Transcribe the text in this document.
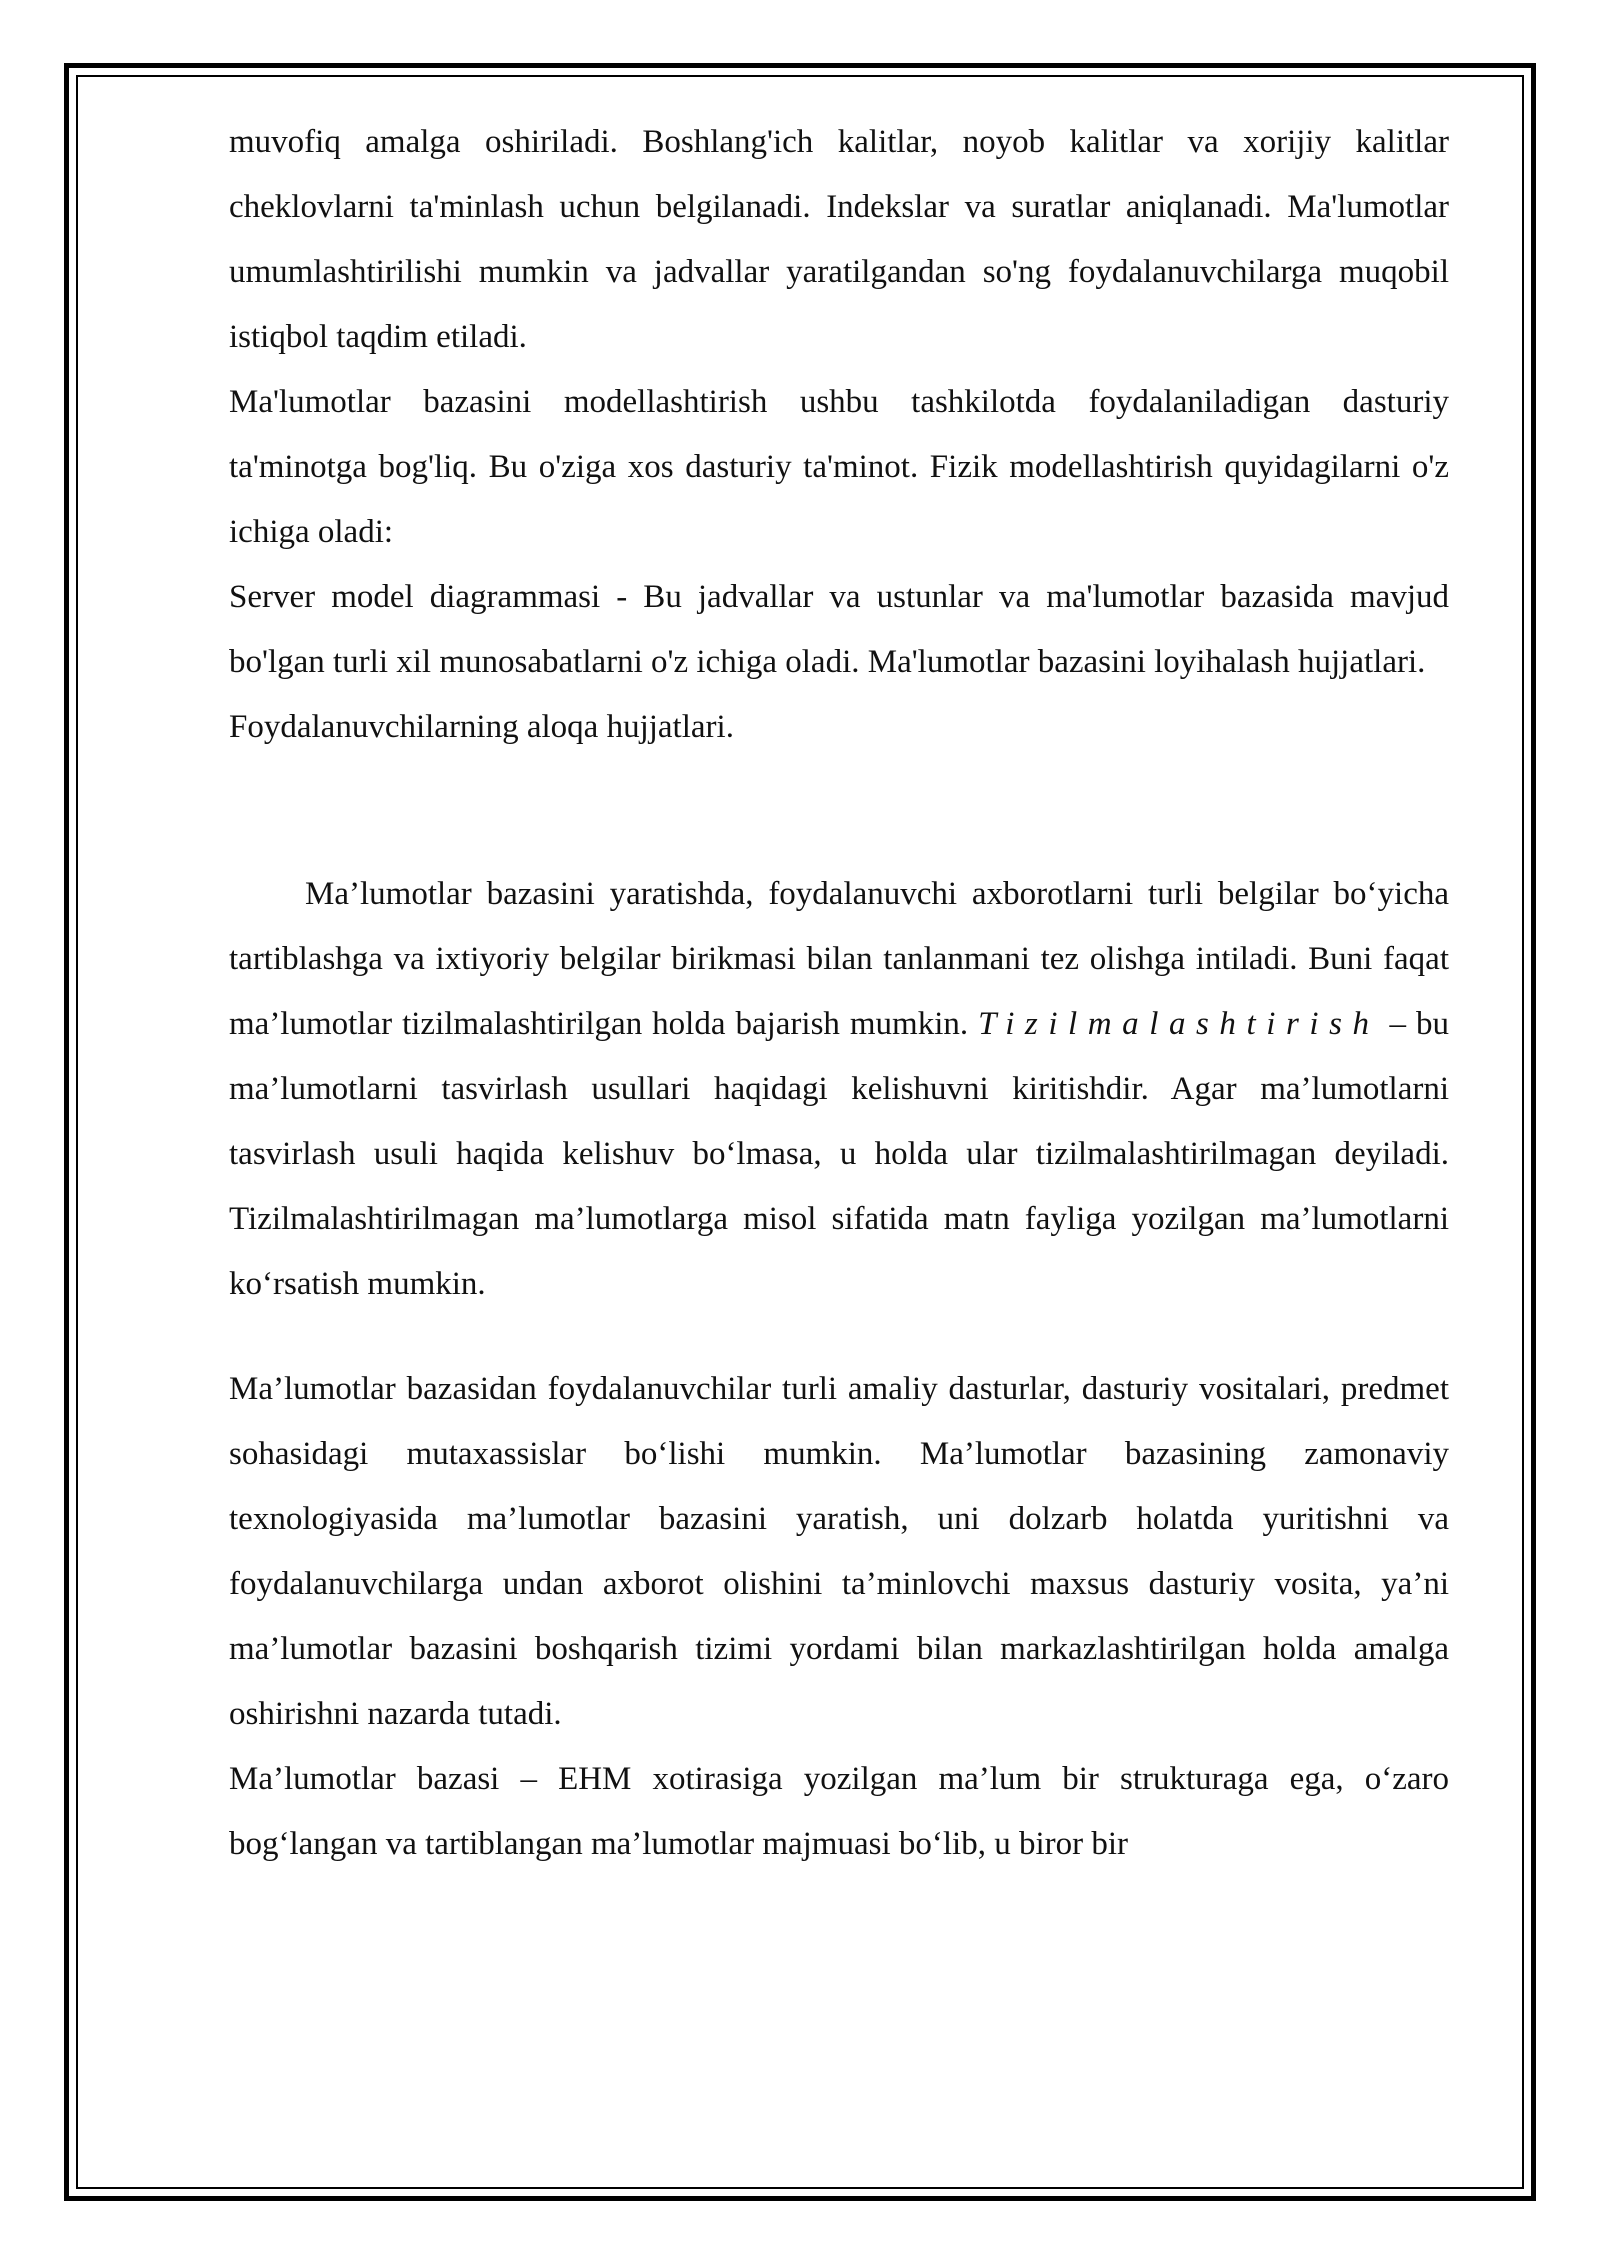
muvofiq amalga oshiriladi. Boshlang'ich kalitlar, noyob kalitlar va xorijiy kalitlar cheklovlarni ta'minlash uchun belgilanadi. Indekslar va suratlar aniqlanadi. Ma'lumotlar umumlashtirilishi mumkin va jadvallar yaratilgandan so'ng foydalanuvchilarga muqobil istiqbol taqdim etiladi.

Ma'lumotlar bazasini modellashtirish ushbu tashkilotda foydalaniladigan dasturiy ta'minotga bog'liq. Bu o'ziga xos dasturiy ta'minot. Fizik modellashtirish quyidagilarni o'z ichiga oladi:

Server model diagrammasi - Bu jadvallar va ustunlar va ma'lumotlar bazasida mavjud bo'lgan turli xil munosabatlarni o'z ichiga oladi. Ma'lumotlar bazasini loyihalash hujjatlari.

Foydalanuvchilarning aloqa hujjatlari.

Ma’lumotlar bazasini yaratishda, foydalanuvchi axborotlarni turli belgilar bo‘yicha tartiblashga va ixtiyoriy belgilar birikmasi bilan tanlanmani tez olishga intiladi. Buni faqat ma’lumotlar tizilmalashtirilgan holda bajarish mumkin. Tizilmalashtirish – bu ma’lumotlarni tasvirlash usullari haqidagi kelishuvni kiritishdir. Agar ma’lumotlarni tasvirlash usuli haqida kelishuv bo‘lmasa, u holda ular tizilmalashtirilmagan deyiladi. Tizilmalashtirilmagan ma’lumotlarga misol sifatida matn fayliga yozilgan ma’lumotlarni ko‘rsatish mumkin.

Ma’lumotlar bazasidan foydalanuvchilar turli amaliy dasturlar, dasturiy vositalari, predmet sohasidagi mutaxassislar bo‘lishi mumkin. Ma’lumotlar bazasining zamonaviy texnologiyasida ma’lumotlar bazasini yaratish, uni dolzarb holatda yuritishni va foydalanuvchilarga undan axborot olishini ta’minlovchi maxsus dasturiy vosita, ya’ni ma’lumotlar bazasini boshqarish tizimi yordami bilan markazlashtirilgan holda amalga oshirishni nazarda tutadi.

Ma’lumotlar bazasi – EHM xotirasiga yozilgan ma’lum bir strukturaga ega, o‘zaro bog‘langan va tartiblangan ma’lumotlar majmuasi bo‘lib, u biror bir
